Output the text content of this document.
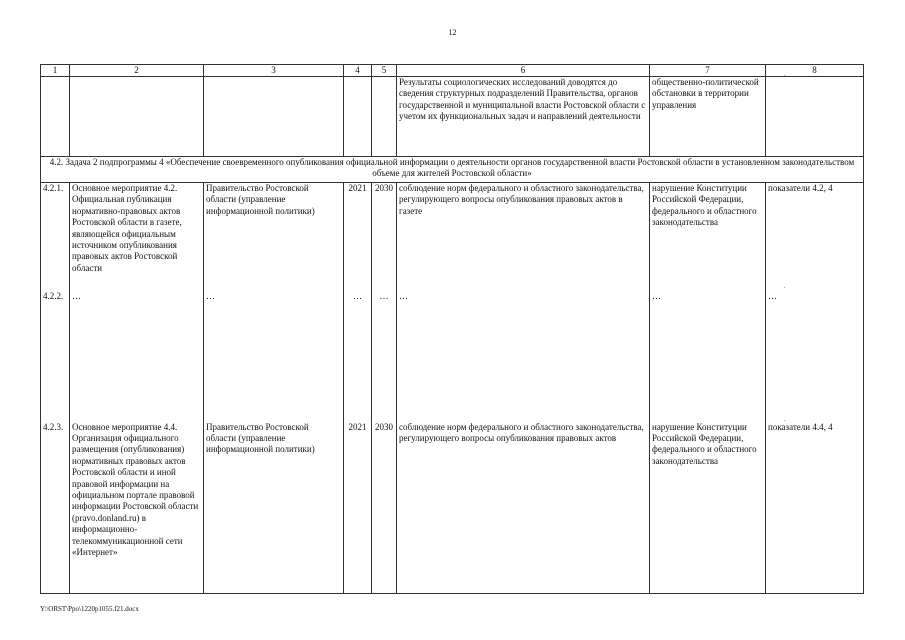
12
1	2	3	4	5	6	7	8
					Результаты социологических исследований доводятся до сведения структурных подразделений Правительства, органов государственной и муниципальной власти Ростовской области с учетом их функциональных задач и направлений деятельности	общественно-политической обстановки в территории управления	
4.2. Задача 2 подпрограммы 4 «Обеспечение своевременного опубликования официальной информации о деятельности органов государственной власти Ростовской области в установленном законодательством объеме для жителей Ростовской области»							
4.2.1.	Основное мероприятие 4.2. Официальная публикация нормативно-правовых актов Ростовской области в газете, являющейся официальным источником опубликования правовых актов Ростовской области	Правительство Ростовской области (управление информационной политики)	2021	2030	соблюдение норм федерального и областного законодательства, регулирующего вопросы опубликования правовых актов в газете	нарушение Конституции Российской Федерации, федерального и областного законодательства	показатели 4.2, 4
4.2.2.	…	…	…	…	…	…	…
4.2.3.	Основное мероприятие 4.4. Организация официального размещения (опубликования) нормативных правовых актов Ростовской области и иной правовой информации на официальном портале правовой информации Ростовской области (pravo.donland.ru) в информационно-телекоммуникационной сети «Интернет»	Правительство Ростовской области (управление информационной политики)	2021	2030	соблюдение норм федерального и областного законодательства, регулирующего вопросы опубликования правовых актов	нарушение Конституции Российской Федерации, федерального и областного законодательства	показатели 4.4, 4
.
.
.
Y:\ORST\Ppo\1220p1055.f21.docx
